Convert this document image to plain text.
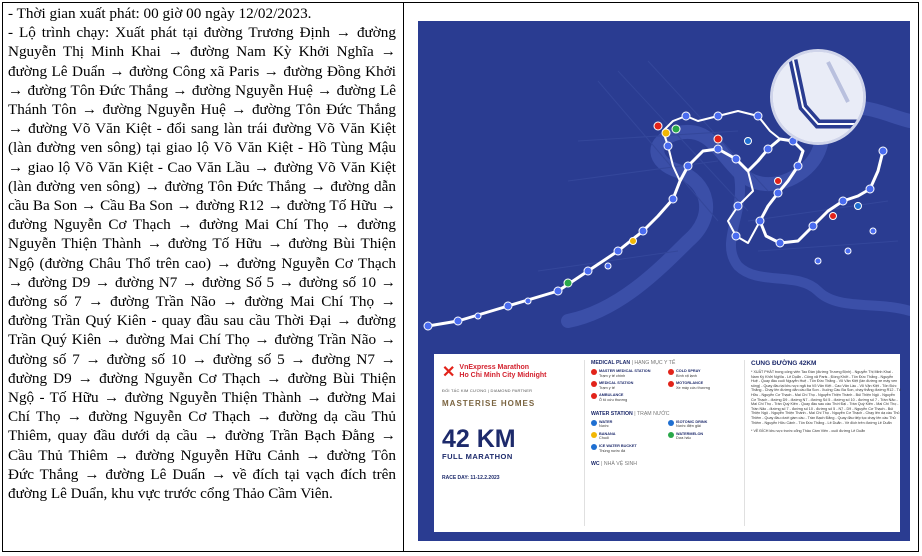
- Thời gian xuất phát: 00 giờ 00 ngày 12/02/2023.

- Lộ trình chạy: Xuất phát tại đường Trương Định → đường Nguyễn Thị Minh Khai → đường Nam Kỳ Khởi Nghĩa → đường Lê Duẩn → đường Công xã Paris → đường Đồng Khởi → đường Tôn Đức Thắng → đường Nguyễn Huệ → đường Lê Thánh Tôn → đường Nguyễn Huệ → đường Tôn Đức Thắng → đường Võ Văn Kiệt - đổi sang làn trái đường Võ Văn Kiệt (làn đường ven sông) tại giao lộ Võ Văn Kiệt - Hồ Tùng Mậu → giao lộ Võ Văn Kiệt - Cao Văn Lầu → đường Võ Văn Kiệt (làn đường ven sông) → đường Tôn Đức Thắng → đường dẫn cầu Ba Son → Cầu Ba Son → đường R12 → đường Tố Hữu → đường Nguyễn Cơ Thạch → đường Mai Chí Thọ → đường Nguyễn Thiện Thành → đường Tố Hữu → đường Bùi Thiện Ngộ (đường Châu Thổ trên cao) → đường Nguyễn Cơ Thạch → đường D9 → đường N7 → đường Số 5 → đường số 10 → đường số 7 → đường Trần Não → đường Mai Chí Thọ → đường Trần Quý Kiên - quay đầu sau cầu Thời Đại → đường Trần Quý Kiên → đường Mai Chí Thọ → đường Trần Não → đường số 7 → đường số 10 → đường số 5 → đường N7 → đường D9 → đường Nguyễn Cơ Thạch → đường Bùi Thiện Ngộ - Tố Hữu → đường Nguyễn Thiện Thành → đường Mai Chí Thọ → đường Nguyễn Cơ Thạch → đường dạ cầu Thủ Thiêm, quay đầu dưới dạ cầu → đường Trần Bạch Đằng → Cầu Thủ Thiêm → đường Nguyễn Hữu Cảnh → đường Tôn Đức Thắng → đường Lê Duẩn → về đích tại vạch đích trên đường Lê Duẩn, khu vực trước cổng Thảo Cầm Viên.

✕ VnExpress Marathon
Ho Chi Minh City Midnight
ĐỐI TÁC KIM CƯƠNG | DIAMOND PARTNER
MASTERISE HOMES
42 KM
FULL MARATHON
RACE DAY: 11-12.2.2023
MEDICAL PLAN | HẠNG MỤC Y TẾ
MASTER MEDICAL STATION
Trạm y tế chính
COLD SPRAY
Bình xịt lạnh
MEDICAL STATION
Trạm y tế
MOTORLANCE
Xe máy cứu thương
AMBULANCE
Ô tô cứu thương
WATER STATION | TRẠM NƯỚC
WATER
Nước
ISOTONIC DRINK
Nước điện giải
BANANA
Chuối
WATERMELON
Dưa hấu
ICE WATER BUCKET
Thùng nước đá
WC | NHÀ VỆ SINH
CUNG ĐƯỜNG 42KM
* XUẤT PHÁT trong công viên Tao Đàn (đường Trương Định) - Nguyễn Thị Minh Khai - Nam Kỳ Khởi Nghĩa - Lê Duẩn - Công xã Paris - Đồng Khởi - Tôn Đức Thắng - Nguyễn Huệ - Quay đầu cuối Nguyễn Huệ - Tôn Đức Thắng - Võ Văn Kiệt (làn đường xe máy ven sông) - Quay đầu tại khu vực ngã ba Võ Văn Kiệt - Cao Văn Lầu - Võ Văn Kiệt - Tôn Đức Thắng - Chạy lên đường dẫn cầu Ba Son - Xuống Cầu Ba Son, chạy thẳng đường R12 - Tố Hữu - Nguyễn Cơ Thạch - Mai Chí Thọ - Nguyễn Thiện Thành - Bùi Thiện Ngộ - Nguyễn Cơ Thạch - đường D9 - đường N7 - đường Số 5 - đường số 10 - đường số 7 - Trần Não - Mai Chí Thọ - Trần Quý Kiên - Quay đầu sau cầu Thời Đại - Trần Quý Kiên - Mai Chí Thọ - Trần Não - đường số 7 - đường số 10 - đường số 5 - N7 - D9 - Nguyễn Cơ Thạch - Bùi Thiện Ngộ - Nguyễn Thiện Thành - Mai Chí Thọ - Nguyễn Cơ Thạch - Chạy lên dạ cầu Thủ Thiêm - Quay đầu dưới gầm cầu - Trần Bạch Đằng - Quay đầu tiếp tục chạy lên cầu Thủ Thiêm - Nguyễn Hữu Cảnh - Tôn Đức Thắng - Lê Duẩn - Về đích trên đường Lê Duẩn
* VỀ ĐÍCH khu vực trước cổng Thảo Cầm Viên - cuối đường Lê Duẩn
